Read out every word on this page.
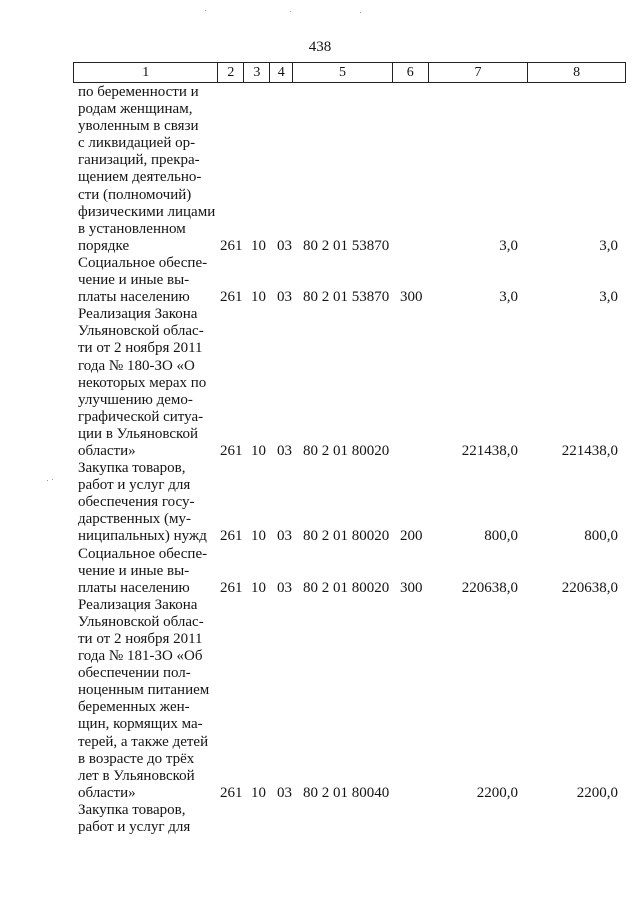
438
1	2	3	4	5	6	7	8
по беременности и
родам женщинам,
уволенным в связи
с ликвидацией ор-
ганизаций, прекра-
щением деятельно-
сти (полномочий)
физическими лицами
в установленном
порядке	261 10 03 80 2 01 53870	3,0	3,0
Социальное обеспе-
чение и иные вы-
платы населению	261 10 03 80 2 01 53870 300	3,0	3,0
Реализация Закона
Ульяновской облас-
ти от 2 ноября 2011
года № 180-ЗО «О
некоторых мерах по
улучшению демо-
графической ситуа-
ции в Ульяновской
области»	261 10 03 80 2 01 80020	221438,0	221438,0
Закупка товаров,
работ и услуг для
обеспечения госу-
дарственных (му-
ниципальных) нужд 261 10 03 80 2 01 80020 200	800,0	800,0
Социальное обеспе-
чение и иные вы-
платы населению	261 10 03 80 2 01 80020 300	220638,0	220638,0
Реализация Закона
Ульяновской облас-
ти от 2 ноября 2011
года № 181-ЗО «Об
обеспечении пол-
ноценным питанием
беременных жен-
щин, кормящих ма-
терей, а также детей
в возрасте до трёх
лет в Ульяновской
области»	261 10 03 80 2 01 80040	2200,0	2200,0
Закупка товаров,
работ и услуг для
